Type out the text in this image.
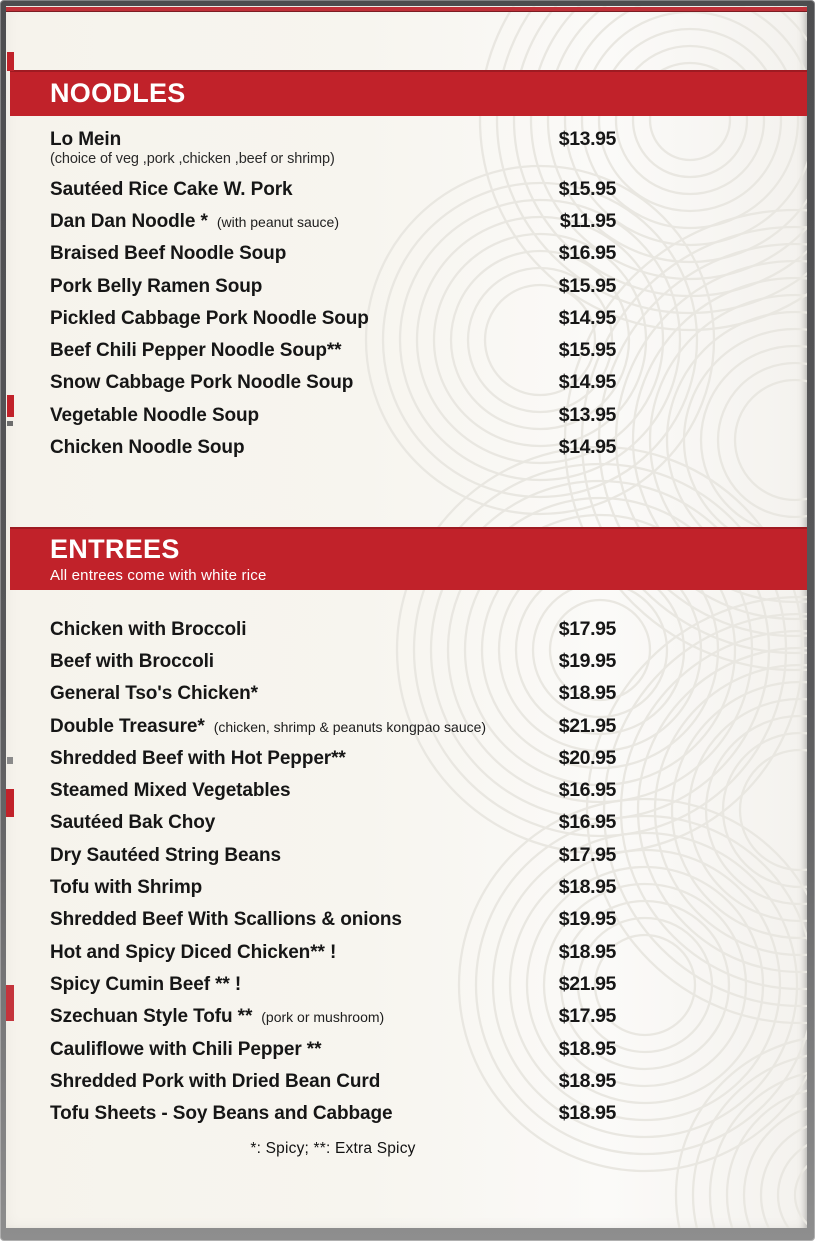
NOODLES
Lo Mein	$13.95
(choice of veg ,pork ,chicken ,beef or shrimp)
Sautéed Rice Cake W. Pork	$15.95
Dan Dan Noodle * (with peanut sauce)	$11.95
Braised Beef Noodle Soup	$16.95
Pork Belly Ramen Soup	$15.95
Pickled Cabbage Pork Noodle Soup	$14.95
Beef Chili Pepper Noodle Soup**	$15.95
Snow Cabbage Pork Noodle Soup	$14.95
Vegetable Noodle Soup	$13.95
Chicken Noodle Soup	$14.95
ENTREES
All entrees come with white rice
Chicken with Broccoli	$17.95
Beef with Broccoli	$19.95
General Tso's Chicken*	$18.95
Double Treasure* (chicken, shrimp & peanuts kongpao sauce)	$21.95
Shredded Beef with Hot Pepper**	$20.95
Steamed Mixed Vegetables	$16.95
Sautéed Bak Choy	$16.95
Dry Sautéed String Beans	$17.95
Tofu with Shrimp	$18.95
Shredded Beef With Scallions & onions	$19.95
Hot and Spicy Diced Chicken** !	$18.95
Spicy Cumin Beef ** !	$21.95
Szechuan Style Tofu ** (pork or mushroom)	$17.95
Cauliflowe with Chili Pepper **	$18.95
Shredded Pork with Dried Bean Curd	$18.95
Tofu Sheets - Soy Beans and Cabbage	$18.95
*: Spicy; **: Extra Spicy
